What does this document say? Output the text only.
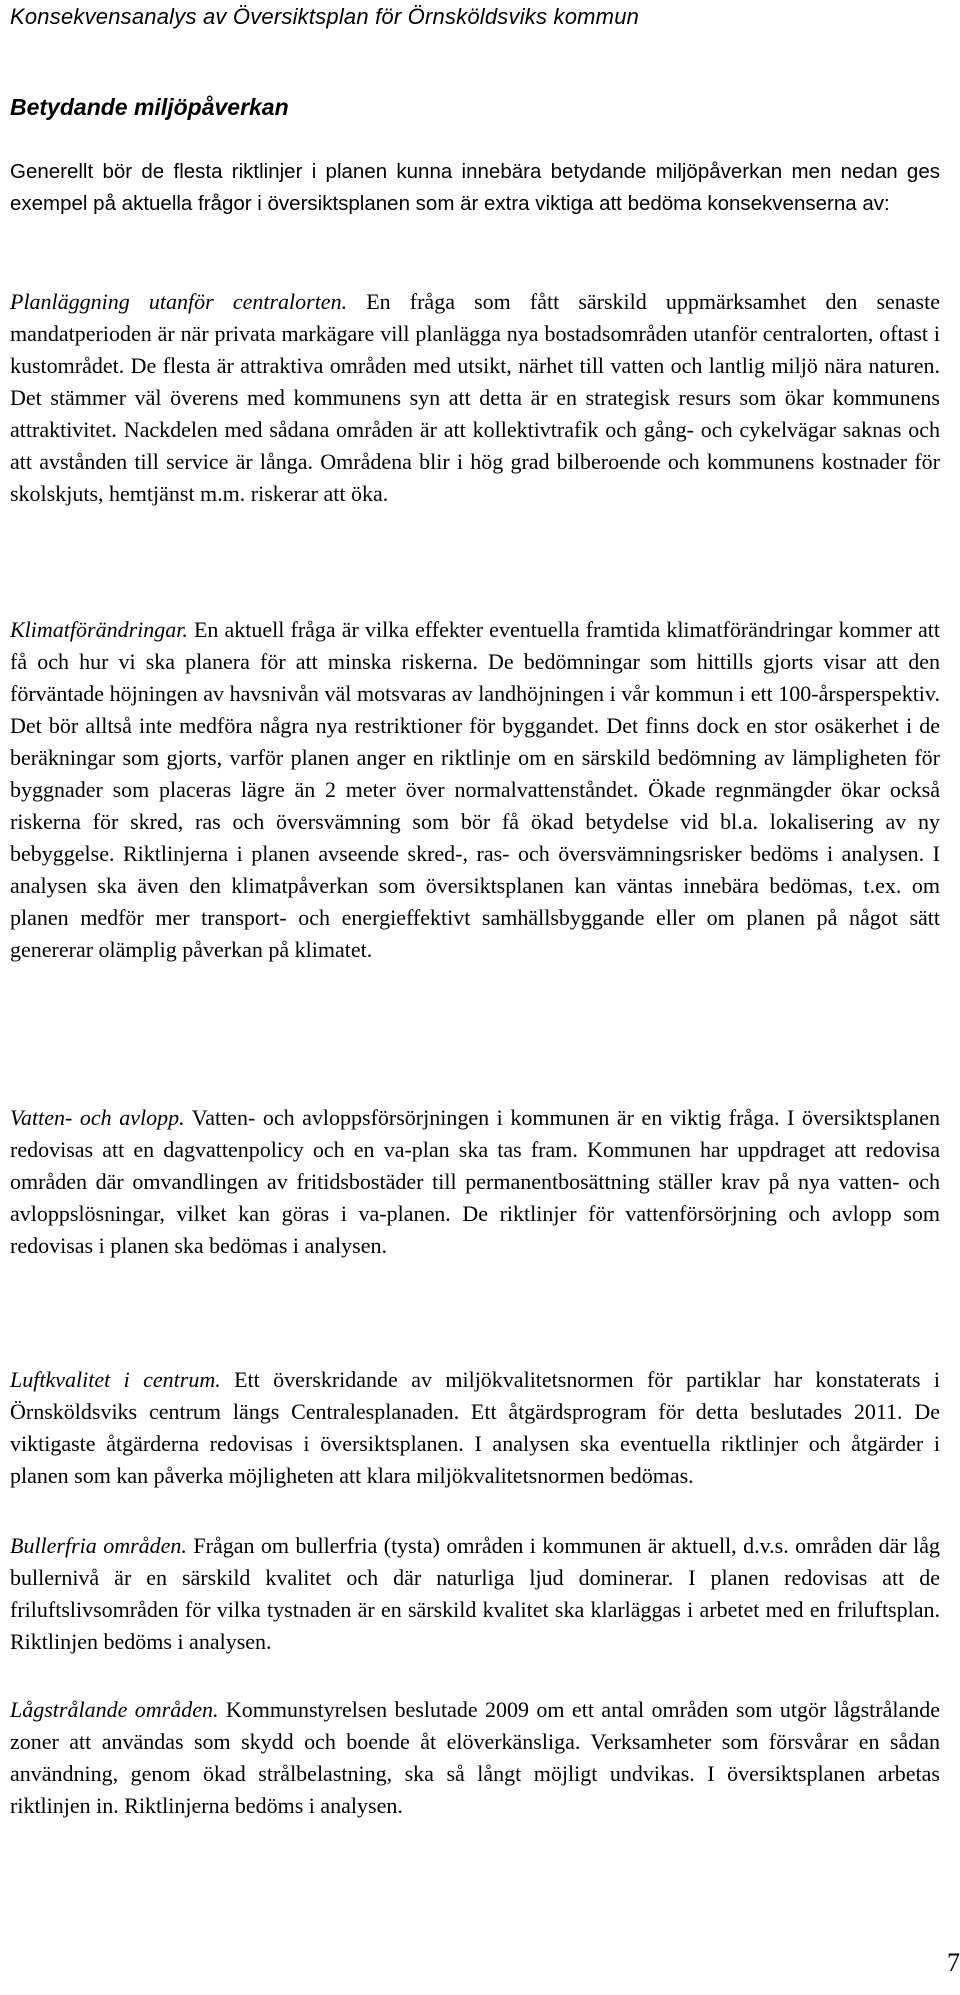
Konsekvensanalys av Översiktsplan för Örnsköldsviks kommun
Betydande miljöpåverkan

Generellt bör de flesta riktlinjer i planen kunna innebära betydande miljöpåverkan men nedan ges exempel på aktuella frågor i översiktsplanen som är extra viktiga att bedöma konsekvenserna av:

Planläggning utanför centralorten. En fråga som fått särskild uppmärksamhet den senaste mandatperioden är när privata markägare vill planlägga nya bostadsområden utanför centralorten, oftast i kustområdet. De flesta är attraktiva områden med utsikt, närhet till vatten och lantlig miljö nära naturen. Det stämmer väl överens med kommunens syn att detta är en strategisk resurs som ökar kommunens attraktivitet. Nackdelen med sådana områden är att kollektivtrafik och gång- och cykelvägar saknas och att avstånden till service är långa. Områdena blir i hög grad bilberoende och kommunens kostnader för skolskjuts, hemtjänst m.m. riskerar att öka.

Klimatförändringar. En aktuell fråga är vilka effekter eventuella framtida klimatförändringar kommer att få och hur vi ska planera för att minska riskerna. De bedömningar som hittills gjorts visar att den förväntade höjningen av havsnivån väl motsvaras av landhöjningen i vår kommun i ett 100-årsperspektiv. Det bör alltså inte medföra några nya restriktioner för byggandet. Det finns dock en stor osäkerhet i de beräkningar som gjorts, varför planen anger en riktlinje om en särskild bedömning av lämpligheten för byggnader som placeras lägre än 2 meter över normalvattenståndet. Ökade regnmängder ökar också riskerna för skred, ras och översvämning som bör få ökad betydelse vid bl.a. lokalisering av ny bebyggelse. Riktlinjerna i planen avseende skred-, ras- och översvämningsrisker bedöms i analysen. I analysen ska även den klimatpåverkan som översiktsplanen kan väntas innebära bedömas, t.ex. om planen medför mer transport- och energieffektivt samhällsbyggande eller om planen på något sätt genererar olämplig påverkan på klimatet.

Vatten- och avlopp. Vatten- och avloppsförsörjningen i kommunen är en viktig fråga. I översiktsplanen redovisas att en dagvattenpolicy och en va-plan ska tas fram. Kommunen har uppdraget att redovisa områden där omvandlingen av fritidsbostäder till permanentbosättning ställer krav på nya vatten- och avloppslösningar, vilket kan göras i va-planen. De riktlinjer för vattenförsörjning och avlopp som redovisas i planen ska bedömas i analysen.

Luftkvalitet i centrum. Ett överskridande av miljökvalitetsnormen för partiklar har konstaterats i Örnsköldsviks centrum längs Centralesplanaden. Ett åtgärdsprogram för detta beslutades 2011. De viktigaste åtgärderna redovisas i översiktsplanen. I analysen ska eventuella riktlinjer och åtgärder i planen som kan påverka möjligheten att klara miljökvalitetsnormen bedömas.

Bullerfria områden. Frågan om bullerfria (tysta) områden i kommunen är aktuell, d.v.s. områden där låg bullernivå är en särskild kvalitet och där naturliga ljud dominerar. I planen redovisas att de friluftslivsområden för vilka tystnaden är en särskild kvalitet ska klarläggas i arbetet med en friluftsplan. Riktlinjen bedöms i analysen.

Lågstrålande områden. Kommunstyrelsen beslutade 2009 om ett antal områden som utgör lågstrålande zoner att användas som skydd och boende åt elöverkänsliga. Verksamheter som försvårar en sådan användning, genom ökad strålbelastning, ska så långt möjligt undvikas. I översiktsplanen arbetas riktlinjen in. Riktlinjerna bedöms i analysen.

7
